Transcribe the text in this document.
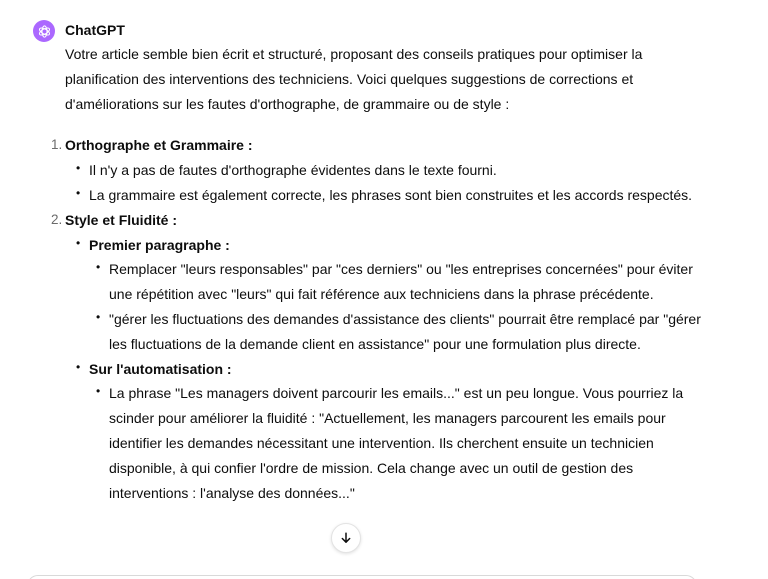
ChatGPT

Votre article semble bien écrit et structuré, proposant des conseils pratiques pour optimiser la planification des interventions des techniciens. Voici quelques suggestions de corrections et d'améliorations sur les fautes d'orthographe, de grammaire ou de style :

1. Orthographe et Grammaire :
• Il n'y a pas de fautes d'orthographe évidentes dans le texte fourni.
• La grammaire est également correcte, les phrases sont bien construites et les accords respectés.
2. Style et Fluidité :
• Premier paragraphe :
• Remplacer "leurs responsables" par "ces derniers" ou "les entreprises concernées" pour éviter une répétition avec "leurs" qui fait référence aux techniciens dans la phrase précédente.
• "gérer les fluctuations des demandes d'assistance des clients" pourrait être remplacé par "gérer les fluctuations de la demande client en assistance" pour une formulation plus directe.
• Sur l'automatisation :
• La phrase "Les managers doivent parcourir les emails..." est un peu longue. Vous pourriez la scinder pour améliorer la fluidité : "Actuellement, les managers parcourent les emails pour identifier les demandes nécessitant une intervention. Ils cherchent ensuite un technicien disponible, à qui confier l'ordre de mission. Cela change avec un outil de gestion des interventions : l'analyse des données..."
